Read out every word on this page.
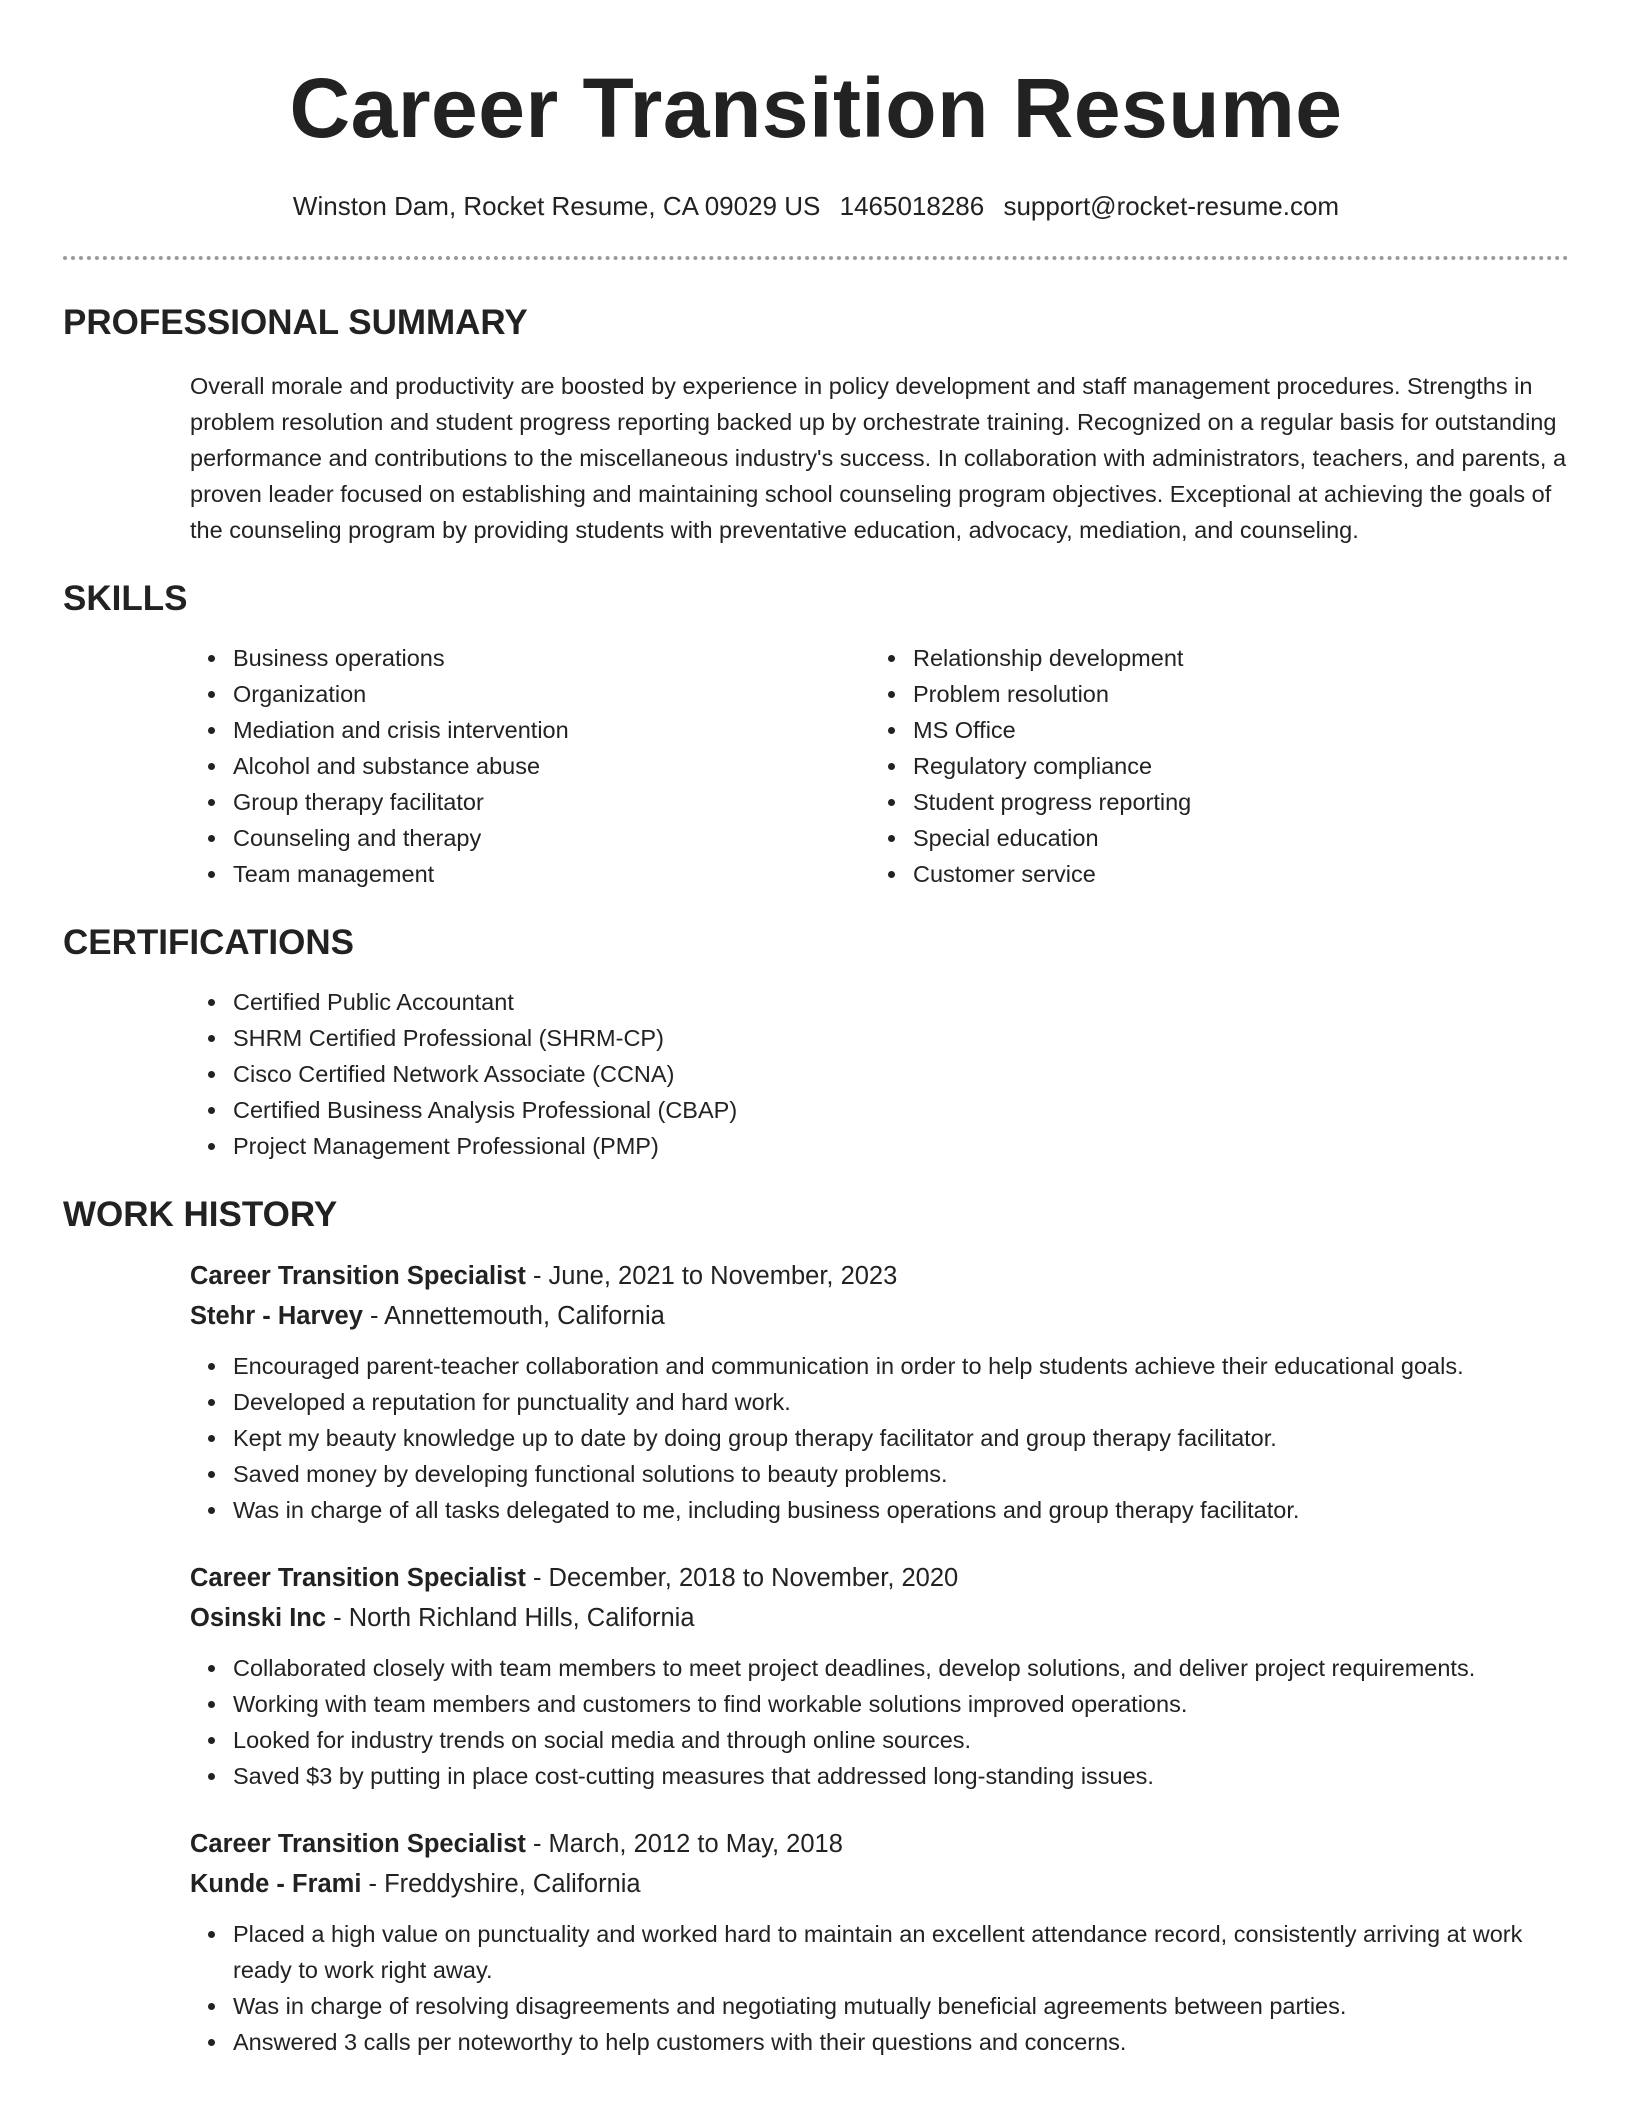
Career Transition Resume
Winston Dam, Rocket Resume, CA 09029 US 1465018286 support@rocket-resume.com
PROFESSIONAL SUMMARY

Overall morale and productivity are boosted by experience in policy development and staff management procedures. Strengths in problem resolution and student progress reporting backed up by orchestrate training. Recognized on a regular basis for outstanding performance and contributions to the miscellaneous industry's success. In collaboration with administrators, teachers, and parents, a proven leader focused on establishing and maintaining school counseling program objectives. Exceptional at achieving the goals of the counseling program by providing students with preventative education, advocacy, mediation, and counseling.

SKILLS
Business operations
Organization
Mediation and crisis intervention
Alcohol and substance abuse
Group therapy facilitator
Counseling and therapy
Team management
Relationship development
Problem resolution
MS Office
Regulatory compliance
Student progress reporting
Special education
Customer service
CERTIFICATIONS
Certified Public Accountant
SHRM Certified Professional (SHRM-CP)
Cisco Certified Network Associate (CCNA)
Certified Business Analysis Professional (CBAP)
Project Management Professional (PMP)
WORK HISTORY
Career Transition Specialist - June, 2021 to November, 2023
Stehr - Harvey - Annettemouth, California
Encouraged parent-teacher collaboration and communication in order to help students achieve their educational goals.
Developed a reputation for punctuality and hard work.
Kept my beauty knowledge up to date by doing group therapy facilitator and group therapy facilitator.
Saved money by developing functional solutions to beauty problems.
Was in charge of all tasks delegated to me, including business operations and group therapy facilitator.
Career Transition Specialist - December, 2018 to November, 2020
Osinski Inc - North Richland Hills, California
Collaborated closely with team members to meet project deadlines, develop solutions, and deliver project requirements.
Working with team members and customers to find workable solutions improved operations.
Looked for industry trends on social media and through online sources.
Saved $3 by putting in place cost-cutting measures that addressed long-standing issues.
Career Transition Specialist - March, 2012 to May, 2018
Kunde - Frami - Freddyshire, California
Placed a high value on punctuality and worked hard to maintain an excellent attendance record, consistently arriving at work ready to work right away.
Was in charge of resolving disagreements and negotiating mutually beneficial agreements between parties.
Answered 3 calls per noteworthy to help customers with their questions and concerns.
